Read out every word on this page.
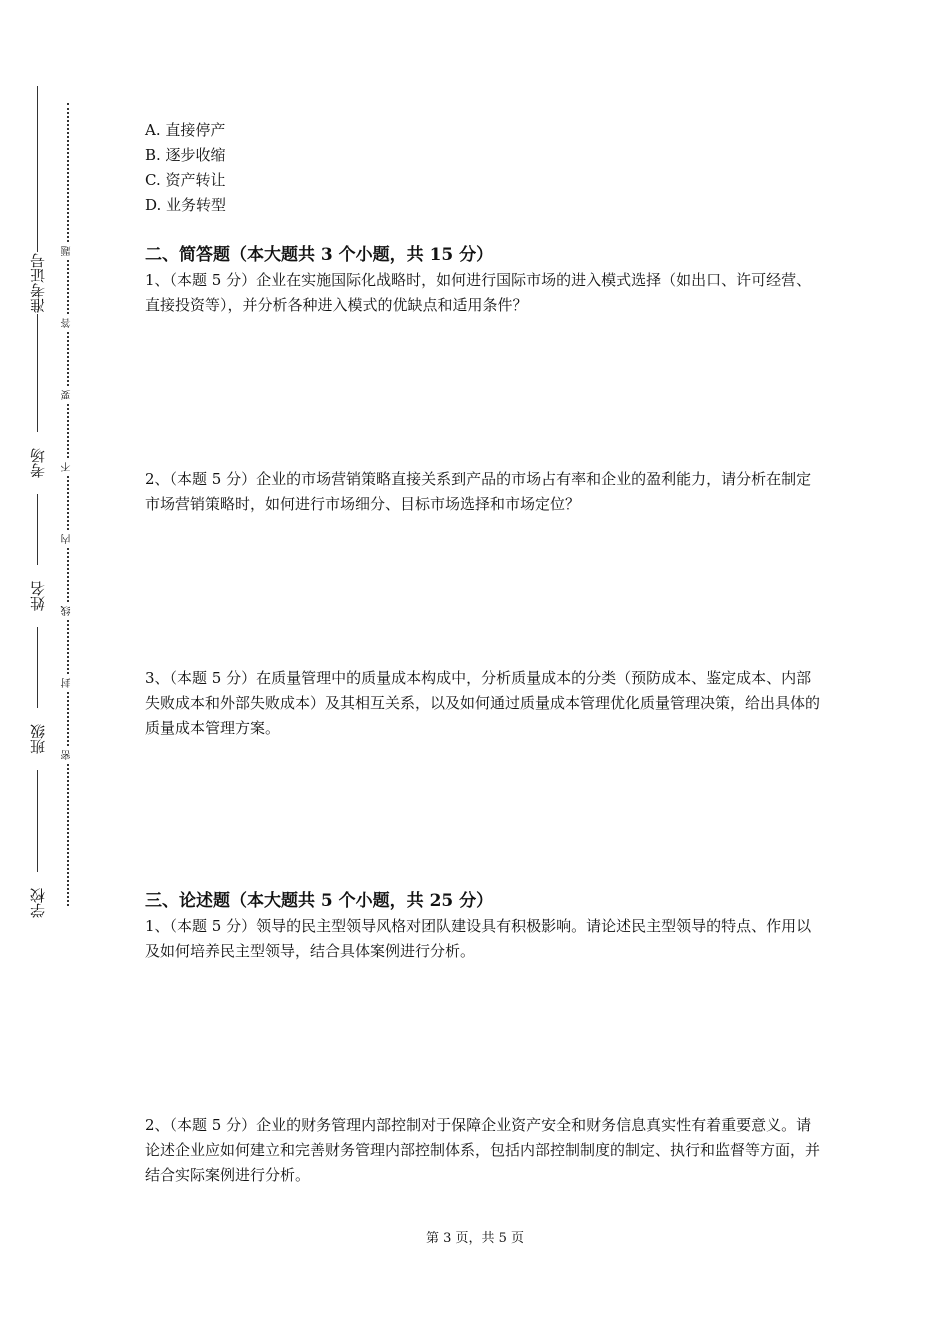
准考证号
考场
姓名
班级
学校
题
答
要
不
内
线
封
密
A. 直接停产
B. 逐步收缩
C. 资产转让
D. 业务转型
二、简答题（本大题共 3 个小题，共 15 分）
1、（本题 5 分）企业在实施国际化战略时，如何进行国际市场的进入模式选择（如出口、许可经营、直接投资等），并分析各种进入模式的优缺点和适用条件？
2、（本题 5 分）企业的市场营销策略直接关系到产品的市场占有率和企业的盈利能力，请分析在制定市场营销策略时，如何进行市场细分、目标市场选择和市场定位？
3、（本题 5 分）在质量管理中的质量成本构成中，分析质量成本的分类（预防成本、鉴定成本、内部失败成本和外部失败成本）及其相互关系，以及如何通过质量成本管理优化质量管理决策，给出具体的质量成本管理方案。
三、论述题（本大题共 5 个小题，共 25 分）
1、（本题 5 分）领导的民主型领导风格对团队建设具有积极影响。请论述民主型领导的特点、作用以及如何培养民主型领导，结合具体案例进行分析。
2、（本题 5 分）企业的财务管理内部控制对于保障企业资产安全和财务信息真实性有着重要意义。请论述企业应如何建立和完善财务管理内部控制体系，包括内部控制制度的制定、执行和监督等方面，并结合实际案例进行分析。
第 3 页，共 5 页
